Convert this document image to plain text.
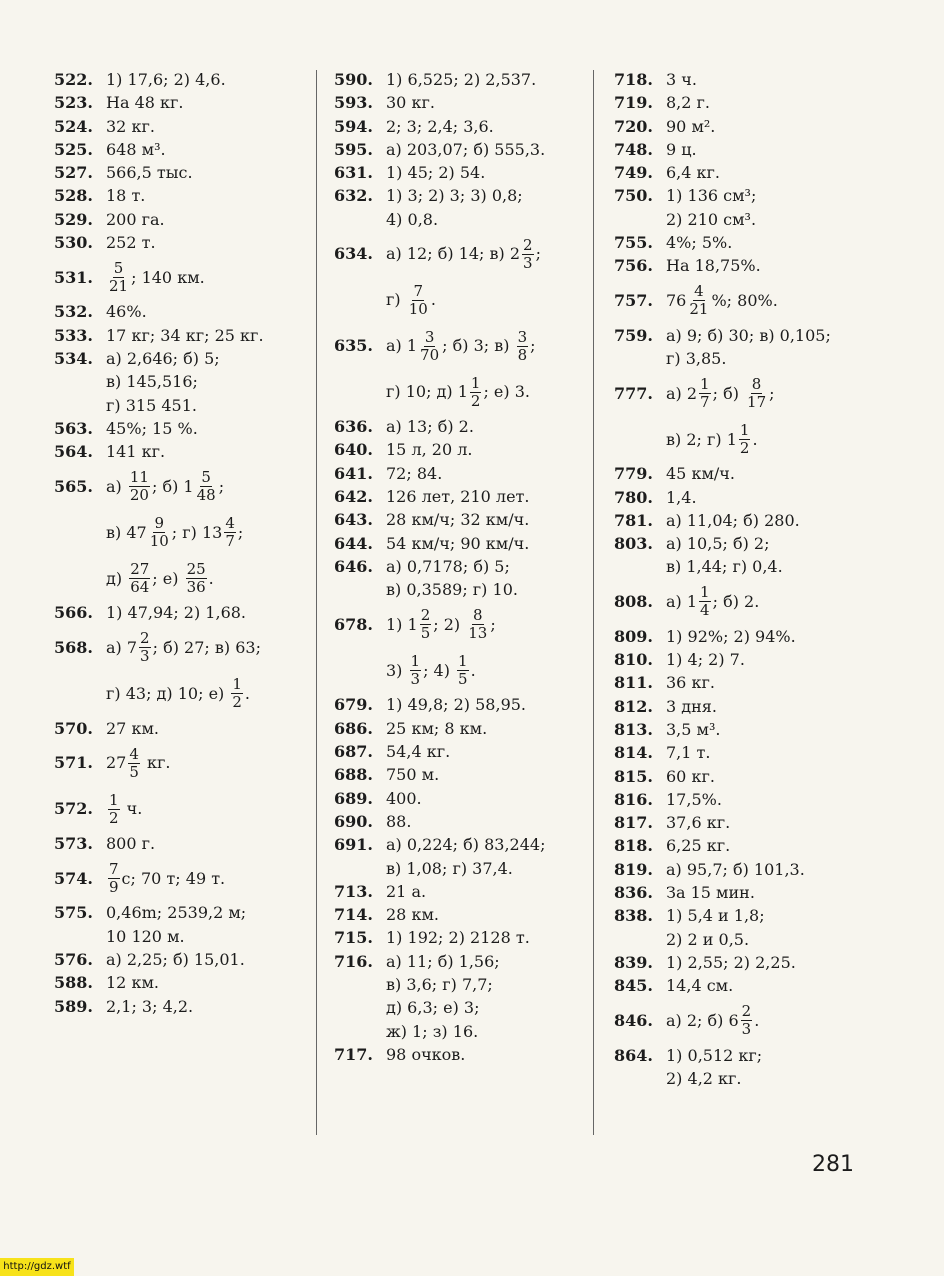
522. 1) 17,6; 2) 4,6.
523. На 48 кг.
524. 32 кг.
525. 648 м³.
527. 566,5 тыс.
528. 18 т.
529. 200 га.
530. 252 т.
531.	$\frac{5}{21}$ ; 140 км.
532. 46%.
533. 17 кг; 34 кг; 25 кг.
534. а) 2,646; б) 5;
в) 145,516;
г) 315 451.
563. 45%; 15 %.
564. 141 кг.
565. $а) \frac{11}{20}$ ; б) $1 \frac{5}{48}$ ;
в) $47 \frac{9}{10}$ ; г) $13 \frac{4}{7}$ ;
$д) \frac{27}{64}$ ; $е) \frac{25}{36}$ .
566. 1) 47,94; 2) 1,68.
568. а) $7 \frac{2}{3}$ ; б) 27; в) 63;
г) 43; д) 10; $е) \frac{1}{2}$ .
570. 27 км.
571. $27 \frac{4}{5}$ кг.
572.	$\frac{1}{2} ч$.
573. 800 г.
574.	$\frac{7}{9} c$; 70 т; 49 т.
575. 0,46m; 2539,2 м;
10 120 м.
576. а) 2,25; б) 15,01.
588. 12 км.
589. 2,1; 3; 4,2.
590. 1) 6,525; 2) 2,537.
593. 30 кг.
594. 2; 3; 2,4; 3,6.
595. а) 203,07; б) 555,3.
631. 1) 45; 2) 54.
632. 1) 3; 2) 3; 3) 0,8;
4) 0,8.
634. а) 12; б) 14; в) $2 \frac{2}{3}$ ;
$г) \frac{7}{10}$ .
635. а) $1 \frac{3}{70}$ ; б) 3; $в) \frac{3}{8}$ ;
г) 10; д) $1 \frac{1}{2}$ ; е) 3.
636. а) 13; б) 2.
640. 15 л, 20 л.
641. 72; 84.
642. 126 лет, 210 лет.
643. 28 км/ч; 32 км/ч.
644. 54 км/ч; 90 км/ч.
646. а) 0,7178; б) 5;
в) 0,3589; г) 10.
678. 1) $1 \frac{2}{5}$ ; $2) \frac{8}{13}$ ;
$3) \frac{1}{3}$ ; $4) \frac{1}{5}$ .
679. 1) 49,8; 2) 58,95.
686. 25 км; 8 км.
687. 54,4 кг.
688. 750 м.
689. 400.
690. 88.
691. а) 0,224; б) 83,244;
в) 1,08; г) 37,4.
713. 21 а.
714. 28 км.
715. 1) 192; 2) 2128 т.
716. а) 11; б) 1,56;
в) 3,6; г) 7,7;
д) 6,3; е) 3;
ж) 1; з) 16.
717. 98 очков.
718. 3 ч.
719. 8,2 г.
720. 90 м².
748. 9 ц.
749. 6,4 кг.
750. 1) 136 см³;
2) 210 см³.
755. 4%; 5%.
756. На 18,75%.
757. $76 \frac{4}{21}$ %; 80%.
759. а) 9; б) 30; в) 0,105;
г) 3,85.
777. а) $2 \frac{1}{7}$ ; $б) \frac{8}{17}$ ;
в) 2; г) $1 \frac{1}{2}$ .
779. 45 км/ч.
780. 1,4.
781. а) 11,04; б) 280.
803. а) 10,5; б) 2;
в) 1,44; г) 0,4.
808. а) $1 \frac{1}{4}$ ; б) 2.
809. 1) 92%; 2) 94%.
810. 1) 4; 2) 7.
811. 36 кг.
812. 3 дня.
813. 3,5 м³.
814. 7,1 т.
815. 60 кг.
816. 17,5%.
817. 37,6 кг.
818. 6,25 кг.
819. а) 95,7; б) 101,3.
836. За 15 мин.
838. 1) 5,4 и 1,8;
2) 2 и 0,5.
839. 1) 2,55; 2) 2,25.
845. 14,4 см.
846. а) 2; б) $6 \frac{2}{3}$ .
864. 1) 0,512 кг;
2) 4,2 кг.
281
http://gdz.wtf
